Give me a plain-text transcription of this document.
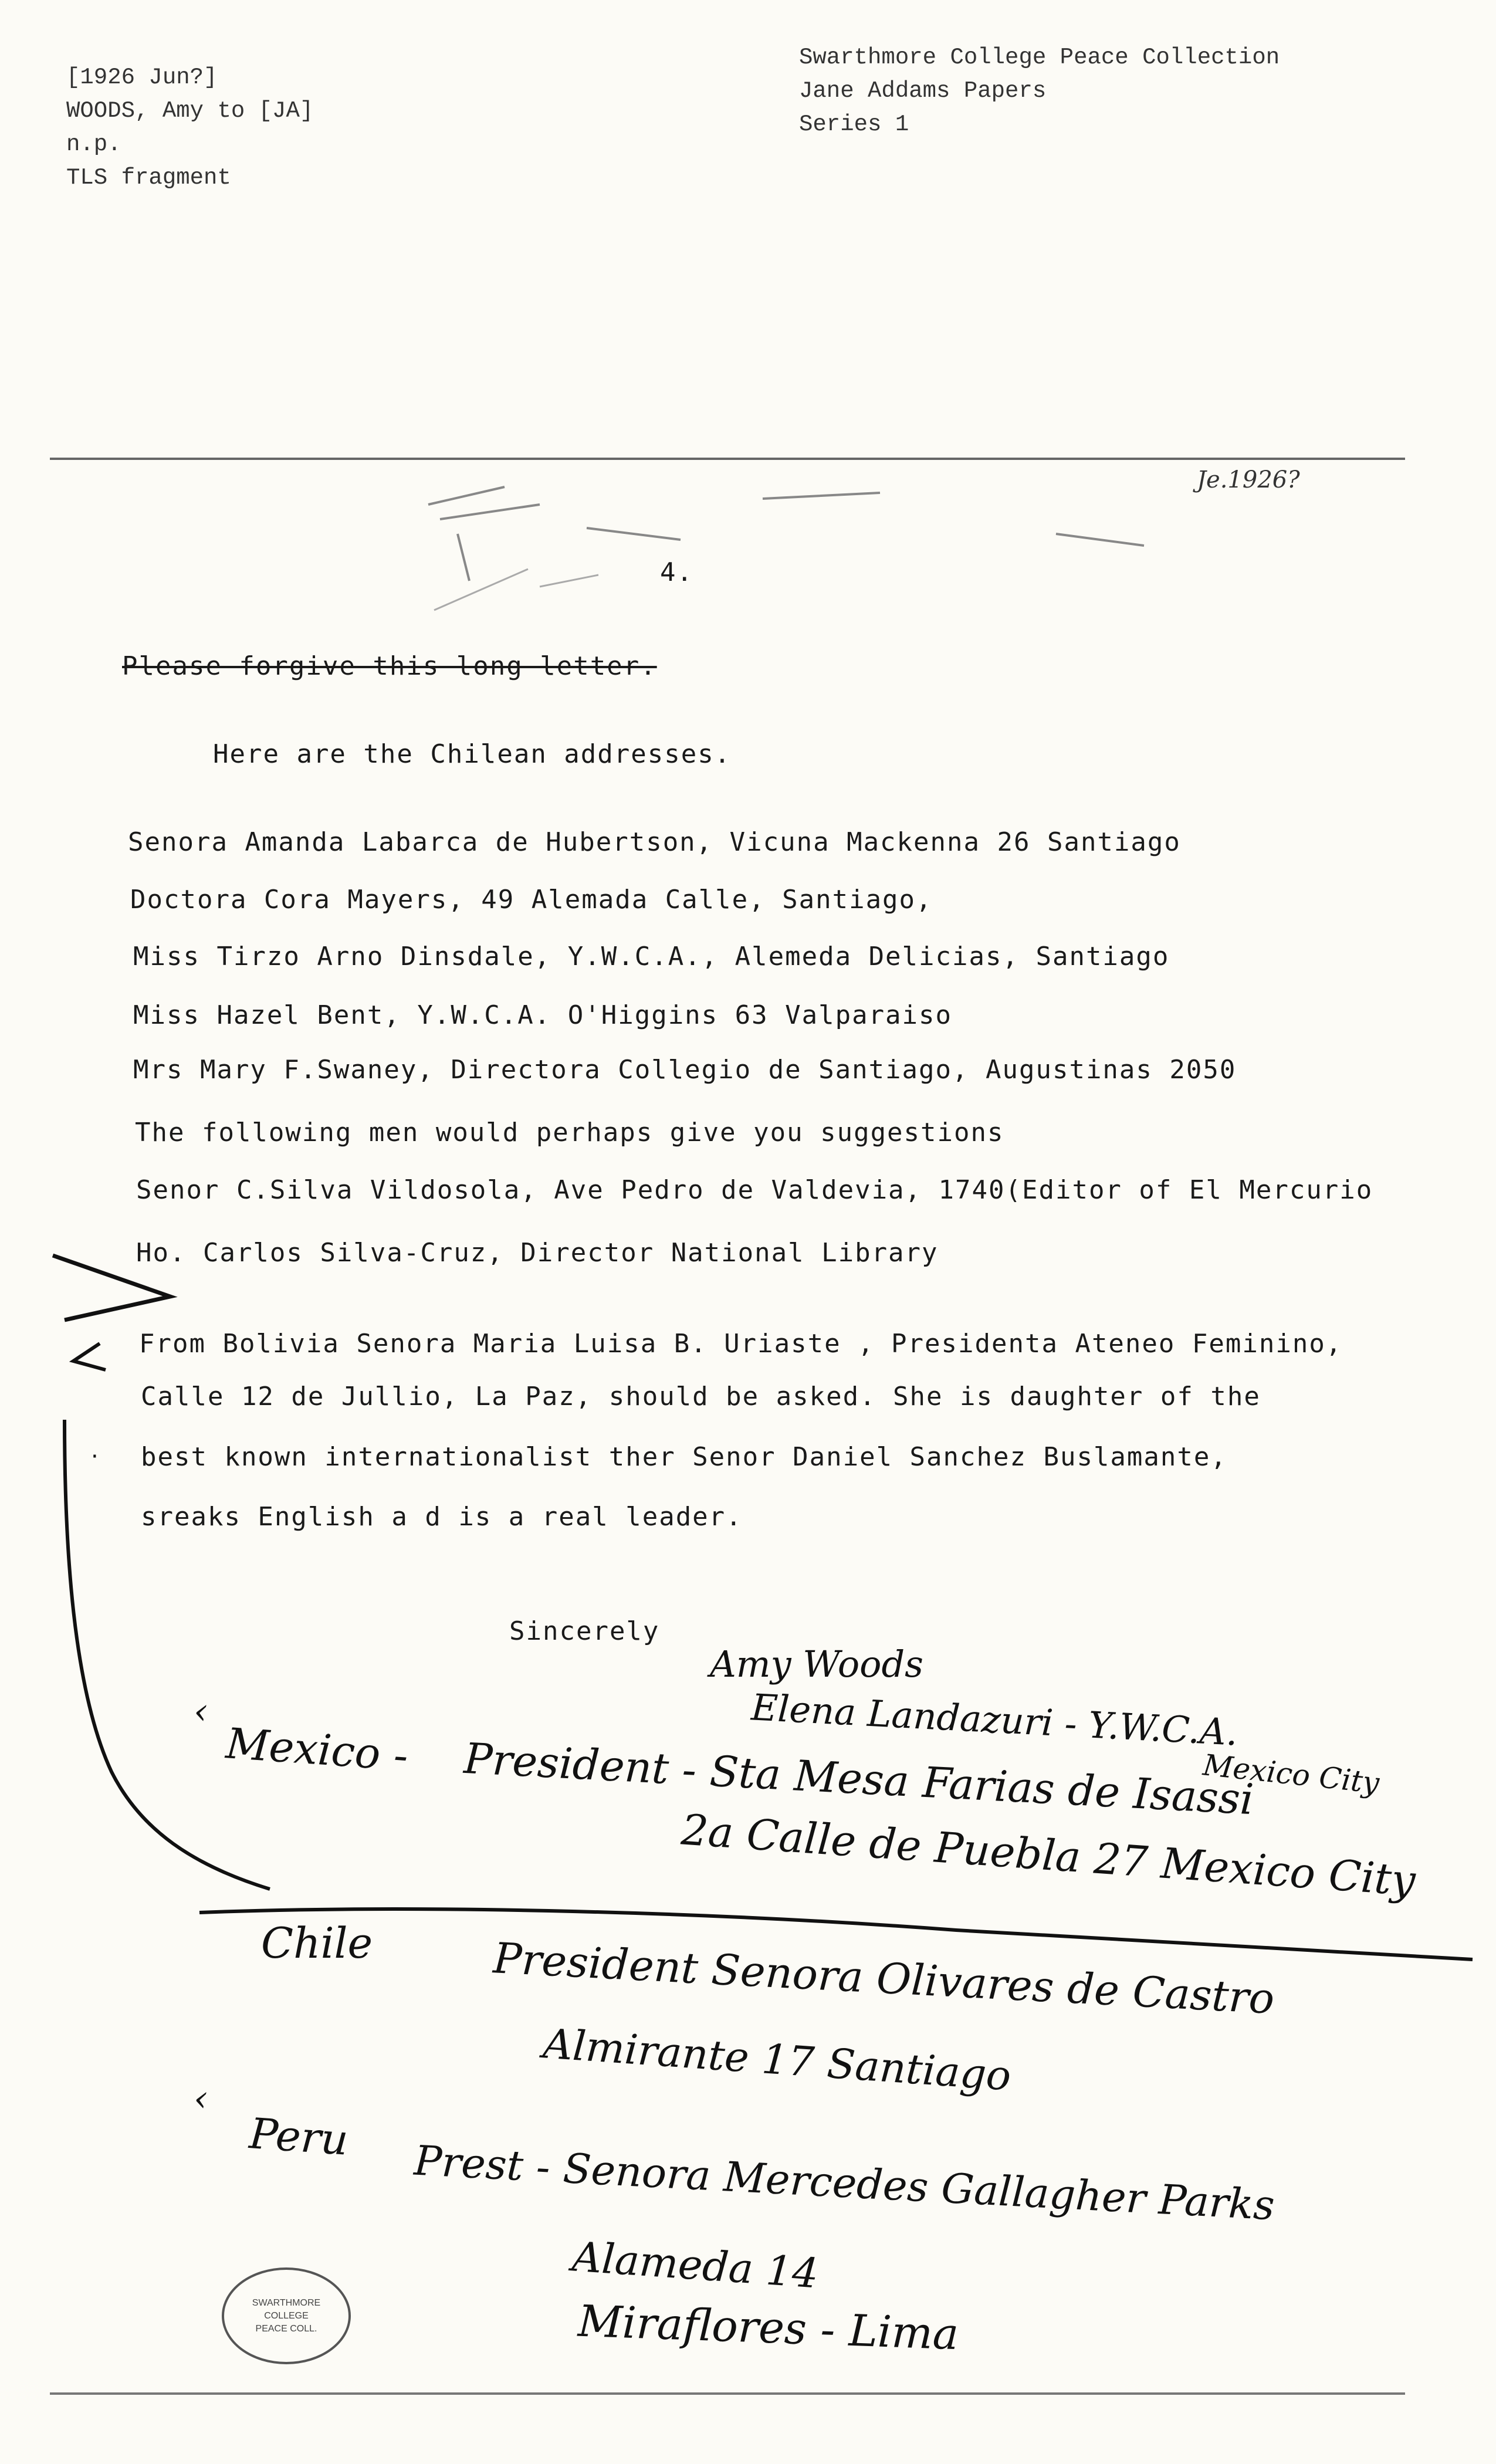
[1926 Jun?]
WOODS, Amy to [JA]
n.p.
TLS fragment
Swarthmore College Peace Collection
Jane Addams Papers
Series 1
Je.1926?
4.
Please forgive this long letter.
Here are the Chilean addresses.
Senora Amanda Labarca de Hubertson, Vicuna Mackenna 26 Santiago
Doctora Cora Mayers, 49 Alemada Calle, Santiago,
Miss Tirzo Arno Dinsdale, Y.W.C.A., Alemeda Delicias, Santiago
Miss Hazel Bent, Y.W.C.A. O'Higgins 63 Valparaiso
Mrs Mary F.Swaney, Directora Collegio de Santiago, Augustinas 2050
The following men would perhaps give you suggestions
Senor C.Silva Vildosola, Ave Pedro de Valdevia, 1740(Editor of El Mercurio
Ho. Carlos Silva-Cruz, Director National Library
From Bolivia Senora Maria Luisa B. Uriaste , Presidenta Ateneo Feminino,
Calle 12 de Jullio, La Paz, should be asked. She is daughter of the
best known internationalist ther Senor Daniel Sanchez Buslamante,
sreaks English a d is a real leader.
Sincerely
·
Amy Woods
Elena Landazuri - Y.W.C.A.
Mexico City
‹
Mexico - President - Sta Mesa Farias de Isassi
2a Calle de Puebla 27 Mexico City
Chile	President Senora Olivares de Castro
Almirante 17 Santiago
‹
Peru Prest - Senora Mercedes Gallagher Parks
Alameda 14
Miraflores - Lima
SWARTHMORE
COLLEGE
PEACE COLL.
